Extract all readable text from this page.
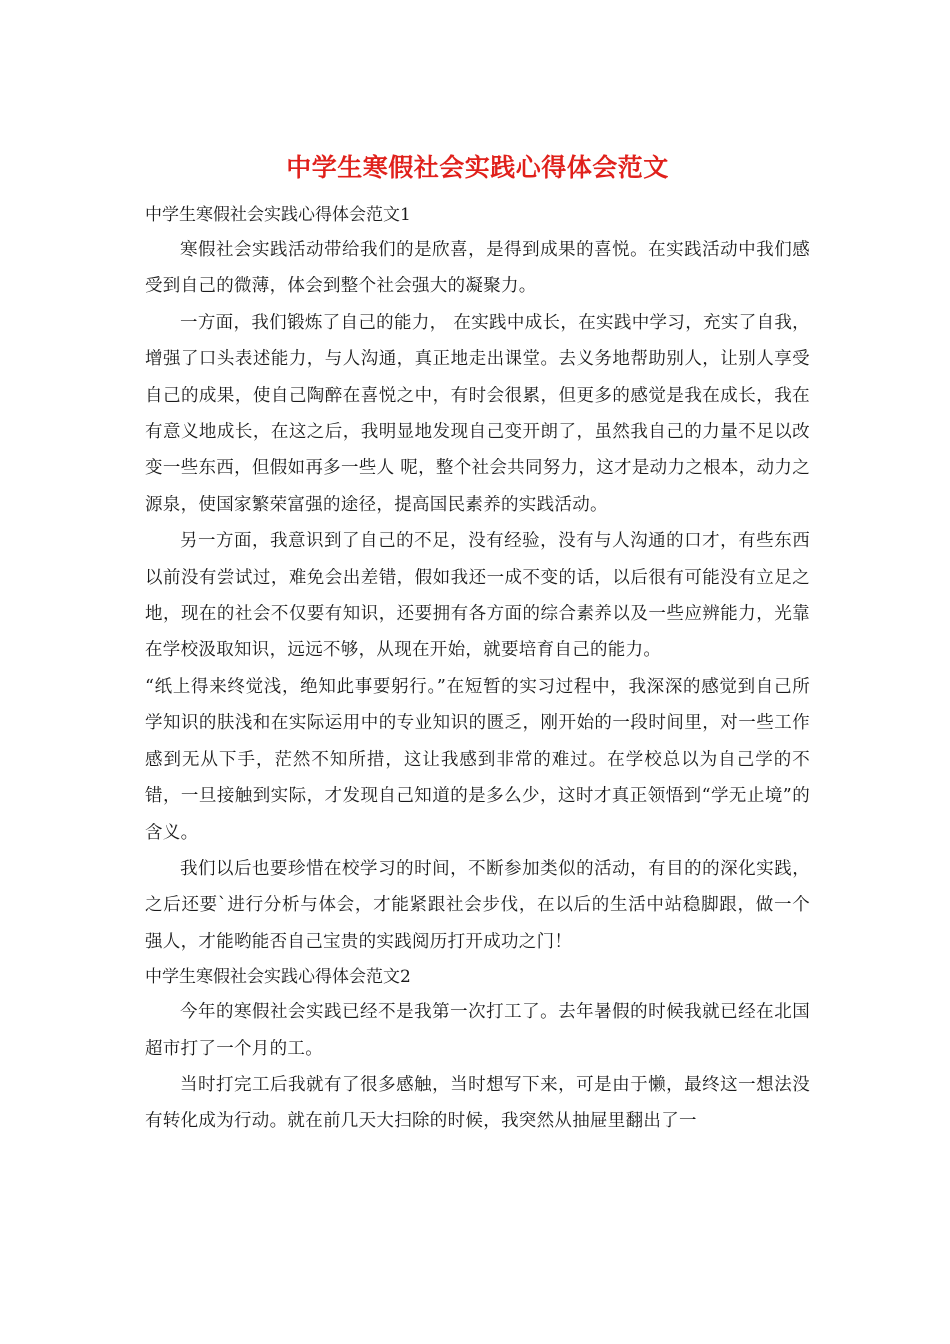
中学生寒假社会实践心得体会范文

中学生寒假社会实践心得体会范文1

寒假社会实践活动带给我们的是欣喜，是得到成果的喜悦。在实践活动中我们感受到自己的微薄，体会到整个社会强大的凝聚力。

一方面，我们锻炼了自己的能力， 在实践中成长，在实践中学习，充实了自我，增强了口头表述能力，与人沟通，真正地走出课堂。去义务地帮助别人，让别人享受自己的成果，使自己陶醉在喜悦之中，有时会很累，但更多的感觉是我在成长，我在有意义地成长，在这之后，我明显地发现自己变开朗了，虽然我自己的力量不足以改变一些东西，但假如再多一些人 呢，整个社会共同努力，这才是动力之根本，动力之源泉，使国家繁荣富强的途径，提高国民素养的实践活动。

另一方面，我意识到了自己的不足，没有经验，没有与人沟通的口才，有些东西以前没有尝试过，难免会出差错，假如我还一成不变的话，以后很有可能没有立足之地，现在的社会不仅要有知识，还要拥有各方面的综合素养以及一些应辨能力，光靠在学校汲取知识，远远不够，从现在开始，就要培育自己的能力。

“纸上得来终觉浅，绝知此事要躬行。”在短暂的实习过程中，我深深的感觉到自己所学知识的肤浅和在实际运用中的专业知识的匮乏，刚开始的一段时间里，对一些工作感到无从下手，茫然不知所措，这让我感到非常的难过。在学校总以为自己学的不错，一旦接触到实际，才发现自己知道的是多么少，这时才真正领悟到“学无止境”的含义。

我们以后也要珍惜在校学习的时间，不断参加类似的活动，有目的的深化实践，之后还要`进行分析与体会，才能紧跟社会步伐，在以后的生活中站稳脚跟，做一个强人，才能哟能否自己宝贵的实践阅历打开成功之门！

中学生寒假社会实践心得体会范文2

今年的寒假社会实践已经不是我第一次打工了。去年暑假的时候我就已经在北国超市打了一个月的工。

当时打完工后我就有了很多感触，当时想写下来，可是由于懒，最终这一想法没有转化成为行动。就在前几天大扫除的时候，我突然从抽屉里翻出了一
